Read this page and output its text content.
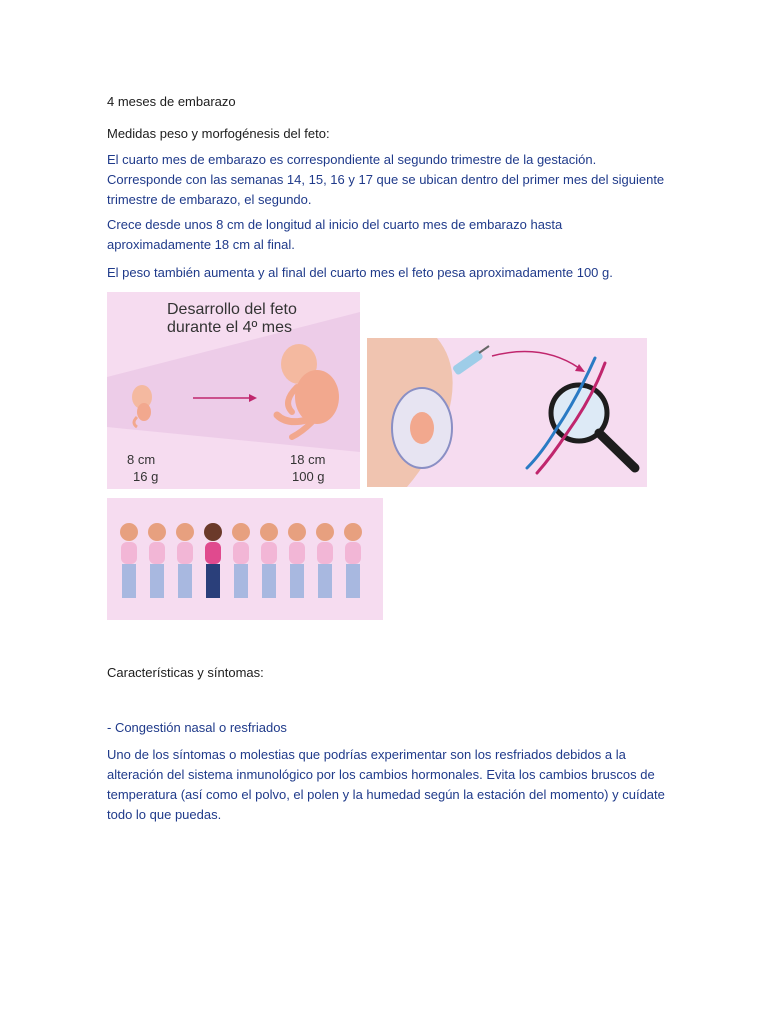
4 meses de embarazo
Medidas peso y morfogénesis del feto:
El cuarto mes de embarazo es correspondiente al segundo trimestre de la gestación. Corresponde con las semanas 14, 15, 16 y 17 que se ubican dentro del primer mes del siguiente trimestre de embarazo, el segundo.
Crece desde unos 8 cm de longitud al inicio del cuarto mes de embarazo hasta aproximadamente 18 cm al final.
El peso también aumenta y al final del cuarto mes el feto pesa aproximadamente 100 g.
Desarrollo del feto
durante el 4º mes
8 cm
16 g
18 cm
100 g
Características y síntomas:
- Congestión nasal o resfriados
Uno de los síntomas o molestias que podrías experimentar son los resfriados debidos a la alteración del sistema inmunológico por los cambios hormonales. Evita los cambios bruscos de temperatura (así como el polvo, el polen y la humedad según la estación del momento) y cuídate todo lo que puedas.
